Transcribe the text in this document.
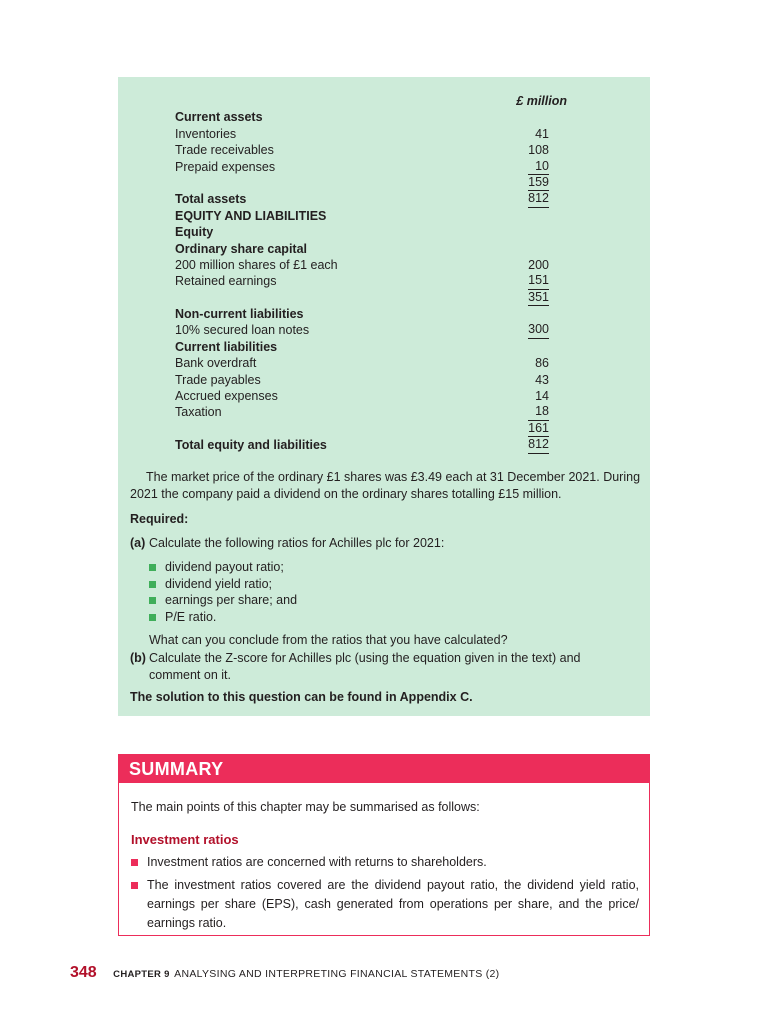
£ million
Current assets
Inventories	41
Trade receivables	108
Prepaid expenses	10
159
Total assets	812
EQUITY AND LIABILITIES
Equity
Ordinary share capital
200 million shares of £1 each	200
Retained earnings	151
351
Non-current liabilities
10% secured loan notes	300
Current liabilities
Bank overdraft	86
Trade payables	43
Accrued expenses	14
Taxation	18
161
Total equity and liabilities	812
The market price of the ordinary £1 shares was £3.49 each at 31 December 2021. During 2021 the company paid a dividend on the ordinary shares totalling £15 million.
Required:
(a) Calculate the following ratios for Achilles plc for 2021:
dividend payout ratio;
dividend yield ratio;
earnings per share; and
P/E ratio.
What can you conclude from the ratios that you have calculated?
(b) Calculate the Z-score for Achilles plc (using the equation given in the text) and comment on it.
The solution to this question can be found in Appendix C.
SUMMARY
The main points of this chapter may be summarised as follows:
Investment ratios
Investment ratios are concerned with returns to shareholders.
The investment ratios covered are the dividend payout ratio, the dividend yield ratio, earnings per share (EPS), cash generated from operations per share, and the price/ earnings ratio.
348 CHAPTER 9 ANALYSING AND INTERPRETING FINANCIAL STATEMENTS (2)
